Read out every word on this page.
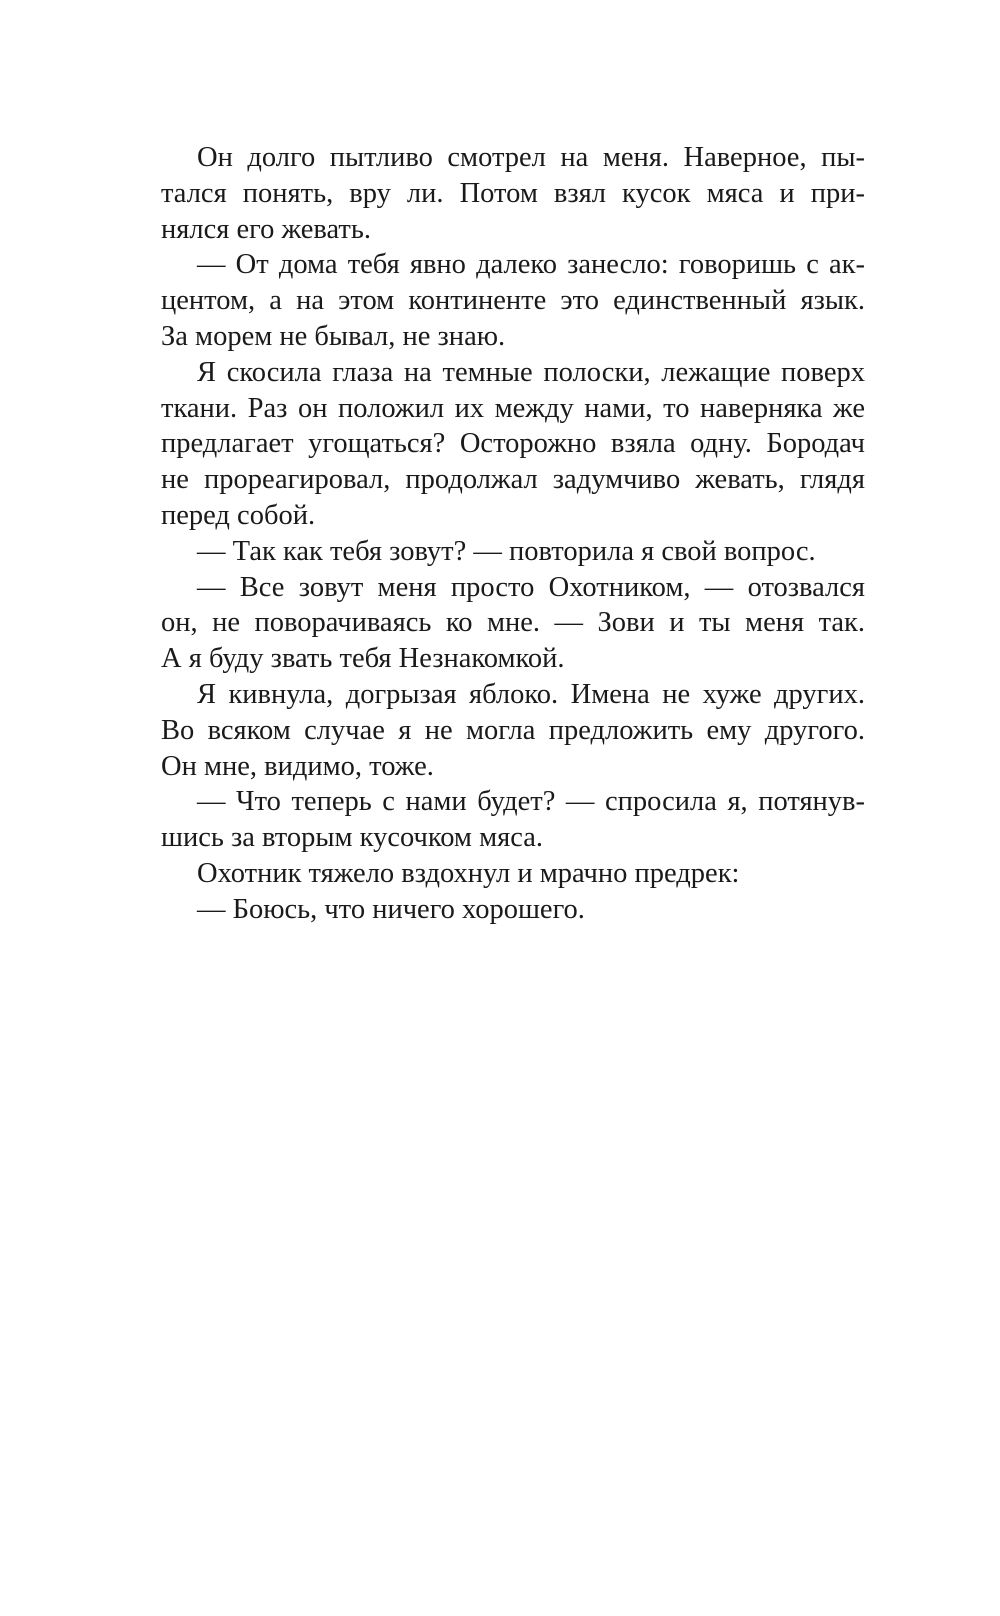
Он долго пытливо смотрел на меня. Наверное, пы-
тался понять, вру ли. Потом взял кусок мяса и при-
нялся его жевать.
— От дома тебя явно далеко занесло: говоришь с ак-
центом, а на этом континенте это единственный язык.
За морем не бывал, не знаю.
Я скосила глаза на темные полоски, лежащие поверх
ткани. Раз он положил их между нами, то наверняка же
предлагает угощаться? Осторожно взяла одну. Бородач
не прореагировал, продолжал задумчиво жевать, глядя
перед собой.
— Так как тебя зовут? — повторила я свой вопрос.
— Все зовут меня просто Охотником, — отозвался
он, не поворачиваясь ко мне. — Зови и ты меня так.
А я буду звать тебя Незнакомкой.
Я кивнула, догрызая яблоко. Имена не хуже других.
Во всяком случае я не могла предложить ему другого.
Он мне, видимо, тоже.
— Что теперь с нами будет? — спросила я, потянув-
шись за вторым кусочком мяса.
Охотник тяжело вздохнул и мрачно предрек:
— Боюсь, что ничего хорошего.
